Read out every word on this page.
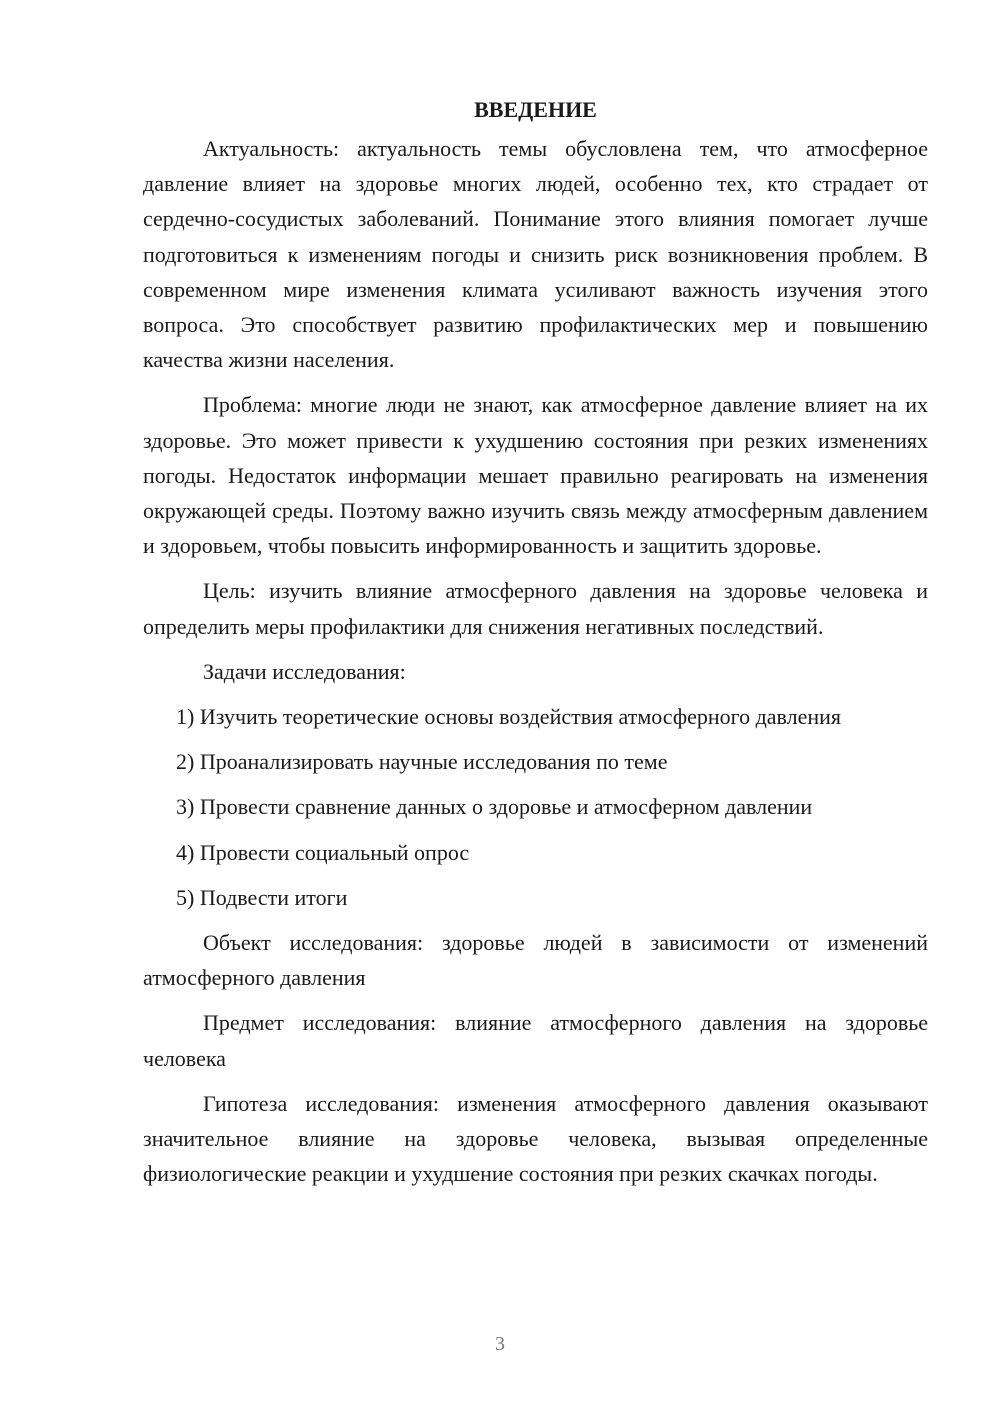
ВВЕДЕНИЕ

Актуальность: актуальность темы обусловлена тем, что атмосферное давление влияет на здоровье многих людей, особенно тех, кто страдает от сердечно-сосудистых заболеваний. Понимание этого влияния помогает лучше подготовиться к изменениям погоды и снизить риск возникновения проблем. В современном мире изменения климата усиливают важность изучения этого вопроса. Это способствует развитию профилактических мер и повышению качества жизни населения.

Проблема: многие люди не знают, как атмосферное давление влияет на их здоровье. Это может привести к ухудшению состояния при резких изменениях погоды. Недостаток информации мешает правильно реагировать на изменения окружающей среды. Поэтому важно изучить связь между атмосферным давлением и здоровьем, чтобы повысить информированность и защитить здоровье.

Цель: изучить влияние атмосферного давления на здоровье человека и определить меры профилактики для снижения негативных последствий.

Задачи исследования:

1) Изучить теоретические основы воздействия атмосферного давления

2) Проанализировать научные исследования по теме

3) Провести сравнение данных о здоровье и атмосферном давлении

4) Провести социальный опрос

5) Подвести итоги

Объект исследования: здоровье людей в зависимости от изменений атмосферного давления

Предмет исследования: влияние атмосферного давления на здоровье человека

Гипотеза исследования: изменения атмосферного давления оказывают значительное влияние на здоровье человека, вызывая определенные физиологические реакции и ухудшение состояния при резких скачках погоды.

3
